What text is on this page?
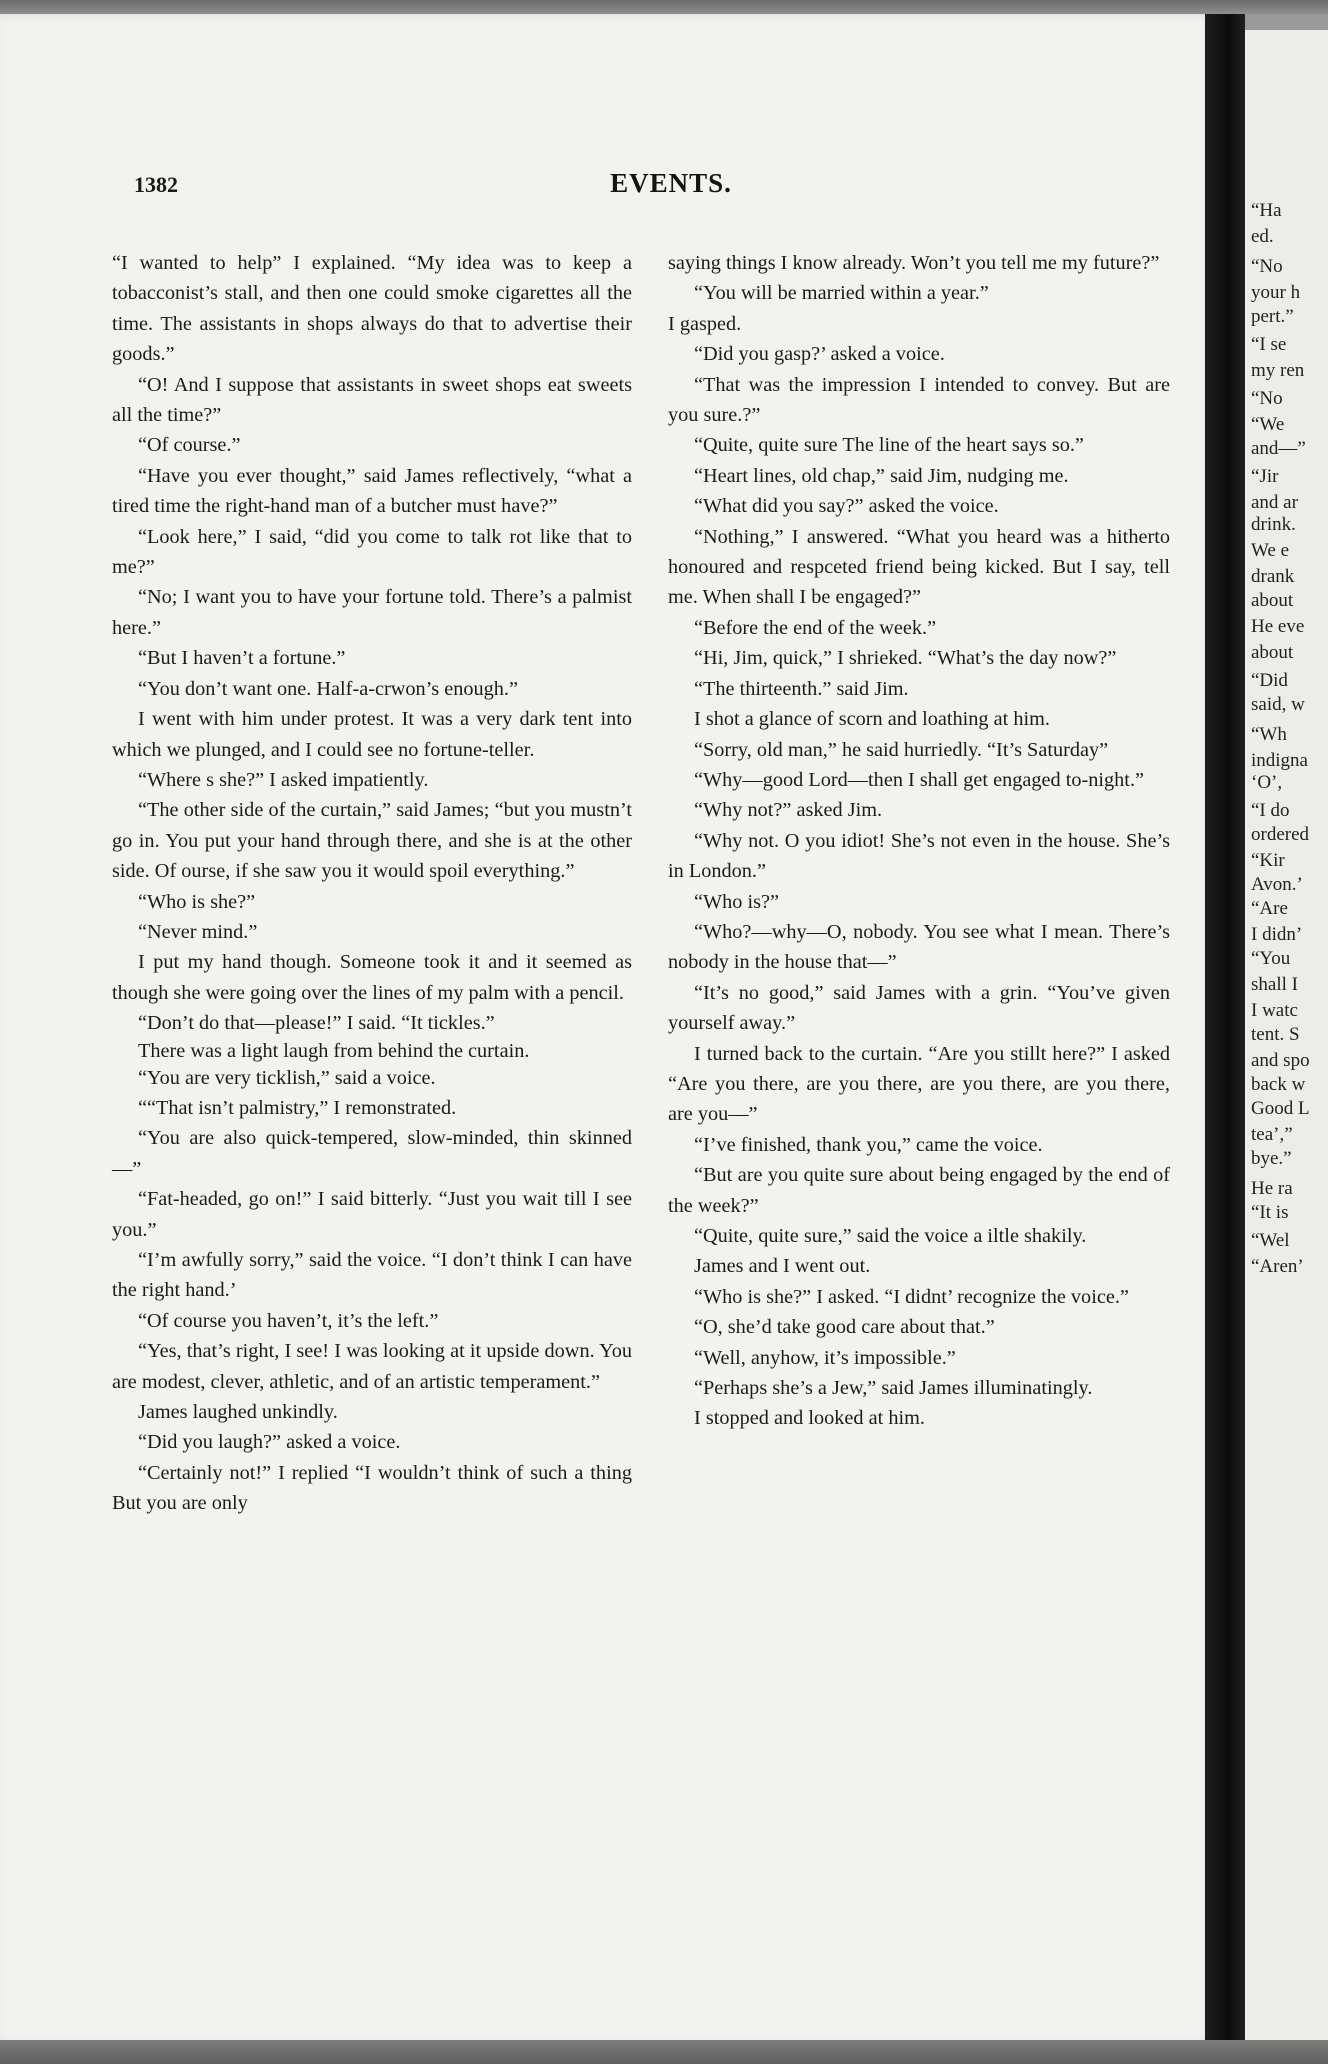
“Ha
ed.
“No
your h
pert.”
“I se
my ren
“No
“We
and—”
“Jir
and ar
drink.
We e
drank
about
He eve
about
“Did
said, w
“Wh
indigna
‘O’,
“I do
ordered
“Kir
Avon.’
“Are
I didn’
“You
shall I
I watc
tent. S
and spo
back w
Good L
tea’,”
bye.”
He ra
“It is
“Wel
“Aren’
1382	EVENTS.

“I wanted to help” I explained. “My idea was to keep a tobacconist’s stall, and then one could smoke cigarettes all the time. The assistants in shops always do that to advertise their goods.”

“O! And I suppose that assistants in sweet shops eat sweets all the time?”

“Of course.”

“Have you ever thought,” said James reflectively, “what a tired time the right-hand man of a butcher must have?”

“Look here,” I said, “did you come to talk rot like that to me?”

“No; I want you to have your fortune told. There’s a palmist here.”

“But I haven’t a fortune.”

“You don’t want one. Half-a-crwon’s enough.”

I went with him under protest. It was a very dark tent into which we plunged, and I could see no fortune-teller.

“Where s she?” I asked impatiently.

“The other side of the curtain,” said James; “but you mustn’t go in. You put your hand through there, and she is at the other side. Of ourse, if she saw you it would spoil everything.”

“Who is she?”

“Never mind.”

I put my hand though. Someone took it and it seemed as though she were going over the lines of my palm with a pencil.

“Don’t do that—please!” I said. “It tickles.”

There was a light laugh from behind the curtain.

“You are very ticklish,” said a voice.

““That isn’t palmistry,” I remonstrated.

“You are also quick-tempered, slow-minded, thin skinned—”

“Fat-headed, go on!” I said bitterly. “Just you wait till I see you.”

“I’m awfully sorry,” said the voice. “I don’t think I can have the right hand.’

“Of course you haven’t, it’s the left.”

“Yes, that’s right, I see! I was looking at it upside down. You are modest, clever, athletic, and of an artistic temperament.”

James laughed unkindly.

“Did you laugh?” asked a voice.

“Certainly not!” I replied “I wouldn’t think of such a thing But you are only

saying things I know already. Won’t you tell me my future?”

“You will be married within a year.”

I gasped.

“Did you gasp?’ asked a voice.

“That was the impression I intended to convey. But are you sure.?”

“Quite, quite sure The line of the heart says so.”

“Heart lines, old chap,” said Jim, nudging me.

“What did you say?” asked the voice.

“Nothing,” I answered. “What you heard was a hitherto honoured and respceted friend being kicked. But I say, tell me. When shall I be engaged?”

“Before the end of the week.”

“Hi, Jim, quick,” I shrieked. “What’s the day now?”

“The thirteenth.” said Jim.

I shot a glance of scorn and loathing at him.

“Sorry, old man,” he said hurriedly. “It’s Saturday”

“Why—good Lord—then I shall get engaged to-night.”

“Why not?” asked Jim.

“Why not. O you idiot! She’s not even in the house. She’s in London.”

“Who is?”

“Who?—why—O, nobody. You see what I mean. There’s nobody in the house that—”

“It’s no good,” said James with a grin. “You’ve given yourself away.”

I turned back to the curtain. “Are you stillt here?” I asked “Are you there, are you there, are you there, are you there, are you—”

“I’ve finished, thank you,” came the voice.

“But are you quite sure about being engaged by the end of the week?”

“Quite, quite sure,” said the voice a iltle shakily.

James and I went out.

“Who is she?” I asked. “I didnt’ recognize the voice.”

“O, she’d take good care about that.”

“Well, anyhow, it’s impossible.”

“Perhaps she’s a Jew,” said James illuminatingly.

I stopped and looked at him.
